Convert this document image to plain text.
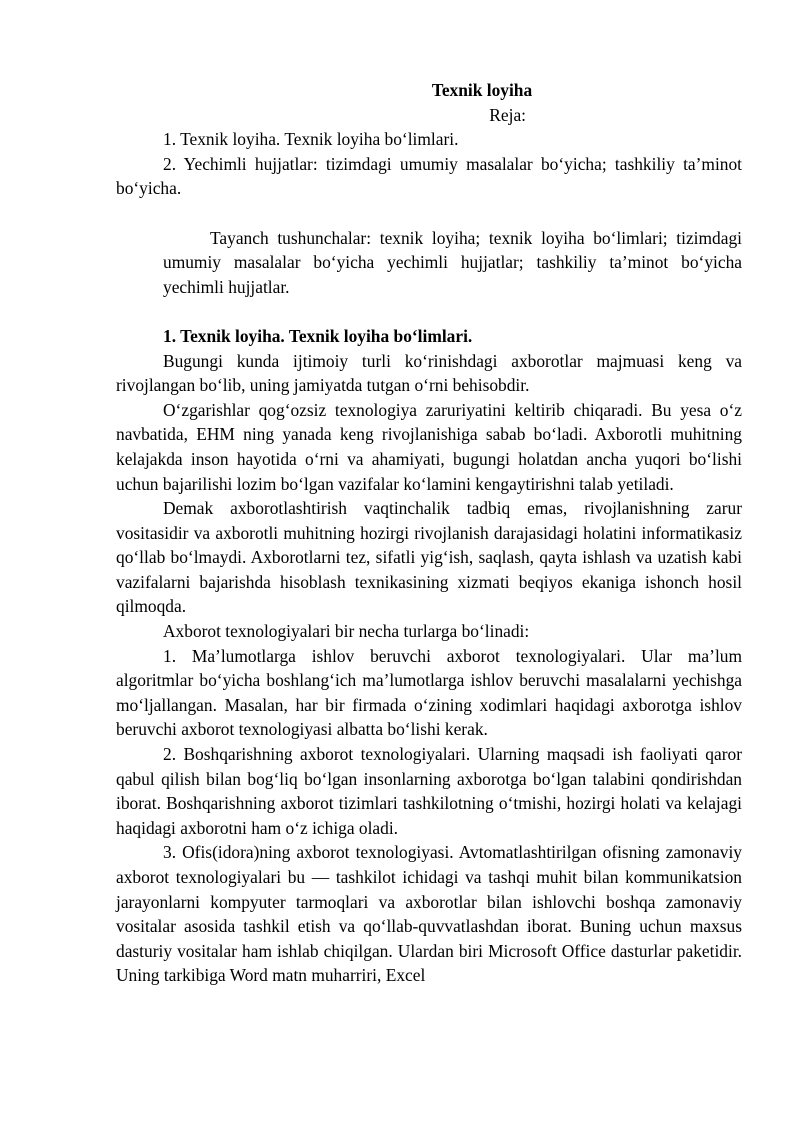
Texnik loyiha

Reja:

1. Texnik loyiha. Texnik loyiha bo‘limlari.

2. Yechimli hujjatlar: tizimdagi umumiy masalalar bo‘yicha; tashkiliy ta’minot bo‘yicha.

Tayanch tushunchalar: texnik loyiha; texnik loyiha bo‘limlari; tizimdagi umumiy masalalar bo‘yicha yechimli hujjatlar; tashkiliy ta’minot bo‘yicha yechimli hujjatlar.

1. Texnik loyiha. Texnik loyiha bo‘limlari.

Bugungi kunda ijtimoiy turli ko‘rinishdagi axborotlar majmuasi keng va rivojlangan bo‘lib, uning jamiyatda tutgan o‘rni behisobdir.

O‘zgarishlar qog‘ozsiz texnologiya zaruriyatini keltirib chiqaradi. Bu yesa o‘z navbatida, EHM ning yanada keng rivojlanishiga sabab bo‘ladi. Axborotli muhitning kelajakda inson hayotida o‘rni va ahamiyati, bugungi holatdan ancha yuqori bo‘lishi uchun bajarilishi lozim bo‘lgan vazifalar ko‘lamini kengaytirishni talab yetiladi.

Demak axborotlashtirish vaqtinchalik tadbiq emas, rivojlanishning zarur vositasidir va axborotli muhitning hozirgi rivojlanish darajasidagi holatini informatikasiz qo‘llab bo‘lmaydi. Axborotlarni tez, sifatli yig‘ish, saqlash, qayta ishlash va uzatish kabi vazifalarni bajarishda hisoblash texnikasining xizmati beqiyos ekaniga ishonch hosil qilmoqda.

Axborot texnologiyalari bir necha turlarga bo‘linadi:

1. Ma’lumotlarga ishlov beruvchi axborot texnologiyalari. Ular ma’lum algoritmlar bo‘yicha boshlang‘ich ma’lumotlarga ishlov beruvchi masalalarni yechishga mo‘ljallangan. Masalan, har bir firmada o‘zining xodimlari haqidagi axborotga ishlov beruvchi axborot texnologiyasi albatta bo‘lishi kerak.

2. Boshqarishning axborot texnologiyalari. Ularning maqsadi ish faoliyati qaror qabul qilish bilan bog‘liq bo‘lgan insonlarning axborotga bo‘lgan talabini qondirishdan iborat. Boshqarishning axborot tizimlari tashkilotning o‘tmishi, hozirgi holati va kelajagi haqidagi axborotni ham o‘z ichiga oladi.

3. Ofis(idora)ning axborot texnologiyasi. Avtomatlashtirilgan ofisning zamonaviy axborot texnologiyalari bu — tashkilot ichidagi va tashqi muhit bilan kommunikatsion jarayonlarni kompyuter tarmoqlari va axborotlar bilan ishlovchi boshqa zamonaviy vositalar asosida tashkil etish va qo‘llab-quvvatlashdan iborat. Buning uchun maxsus dasturiy vositalar ham ishlab chiqilgan. Ulardan biri Microsoft Office dasturlar paketidir. Uning tarkibiga Word matn muharriri, Excel
